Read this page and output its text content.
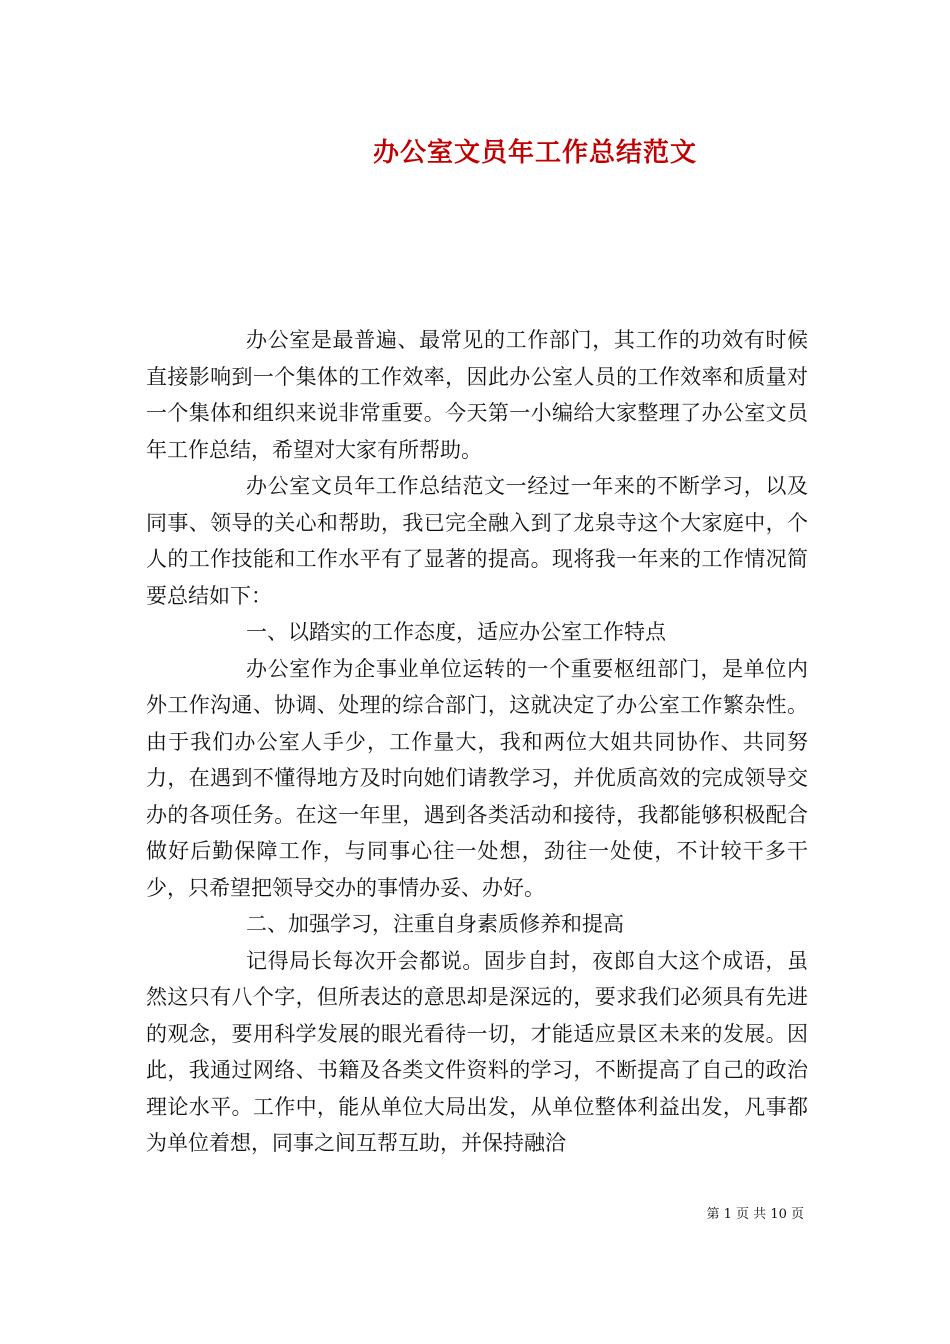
办公室文员年工作总结范文

办公室是最普遍、最常见的工作部门，其工作的功效有时候直接影响到一个集体的工作效率，因此办公室人员的工作效率和质量对一个集体和组织来说非常重要。今天第一小编给大家整理了办公室文员年工作总结，希望对大家有所帮助。

办公室文员年工作总结范文一经过一年来的不断学习，以及同事、领导的关心和帮助，我已完全融入到了龙泉寺这个大家庭中，个人的工作技能和工作水平有了显著的提高。现将我一年来的工作情况简要总结如下：

一、以踏实的工作态度，适应办公室工作特点

办公室作为企事业单位运转的一个重要枢纽部门，是单位内外工作沟通、协调、处理的综合部门，这就决定了办公室工作繁杂性。由于我们办公室人手少，工作量大，我和两位大姐共同协作、共同努力，在遇到不懂得地方及时向她们请教学习，并优质高效的完成领导交办的各项任务。在这一年里，遇到各类活动和接待，我都能够积极配合做好后勤保障工作，与同事心往一处想，劲往一处使，不计较干多干少，只希望把领导交办的事情办妥、办好。

二、加强学习，注重自身素质修养和提高

记得局长每次开会都说。固步自封，夜郎自大这个成语，虽然这只有八个字，但所表达的意思却是深远的，要求我们必须具有先进的观念，要用科学发展的眼光看待一切，才能适应景区未来的发展。因此，我通过网络、书籍及各类文件资料的学习，不断提高了自己的政治理论水平。工作中，能从单位大局出发，从单位整体利益出发，凡事都为单位着想，同事之间互帮互助，并保持融洽

第 1 页 共 10 页
